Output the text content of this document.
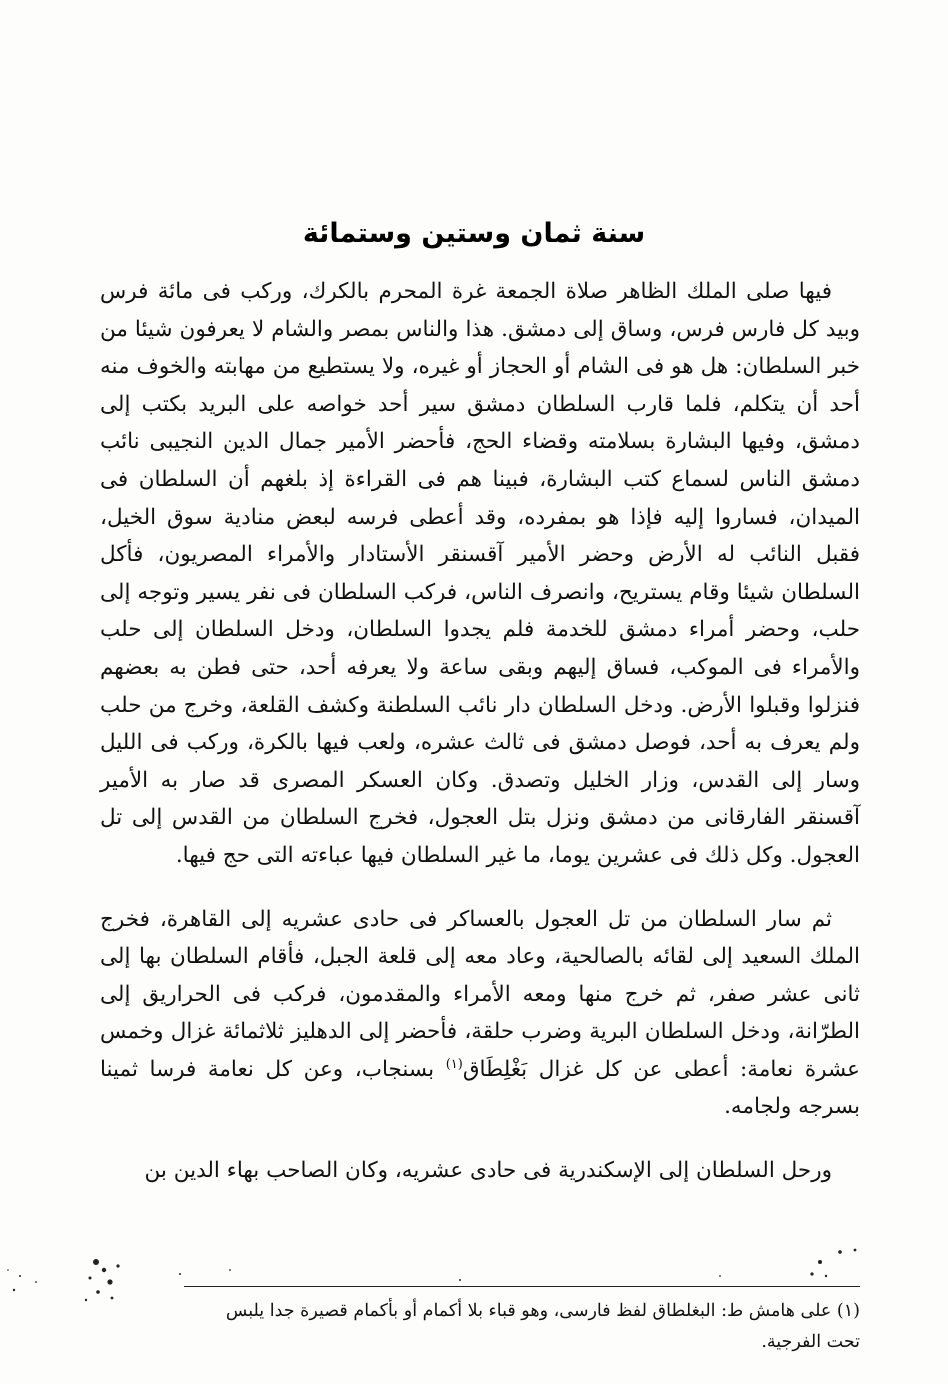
سنة ثمان وستين وستمائة

فيها صلى الملك الظاهر صلاة الجمعة غرة المحرم بالكرك، وركب فى مائة فرس وبيد كل فارس فرس، وساق إلى دمشق. هذا والناس بمصر والشام لا يعرفون شيئا من خبر السلطان: هل هو فى الشام أو الحجاز أو غيره، ولا يستطيع من مهابته والخوف منه أحد أن يتكلم، فلما قارب السلطان دمشق سير أحد خواصه على البريد بكتب إلى دمشق، وفيها البشارة بسلامته وقضاء الحج، فأحضر الأمير جمال الدين النجيبى نائب دمشق الناس لسماع كتب البشارة، فبينا هم فى القراءة إذ بلغهم أن السلطان فى الميدان، فساروا إليه فإذا هو بمفرده، وقد أعطى فرسه لبعض منادية سوق الخيل، فقبل النائب له الأرض وحضر الأمير آقسنقر الأستادار والأمراء المصريون، فأكل السلطان شيئا وقام يستريح، وانصرف الناس، فركب السلطان فى نفر يسير وتوجه إلى حلب، وحضر أمراء دمشق للخدمة فلم يجدوا السلطان، ودخل السلطان إلى حلب والأمراء فى الموكب، فساق إليهم وبقى ساعة ولا يعرفه أحد، حتى فطن به بعضهم فنزلوا وقبلوا الأرض. ودخل السلطان دار نائب السلطنة وكشف القلعة، وخرج من حلب ولم يعرف به أحد، فوصل دمشق فى ثالث عشره، ولعب فيها بالكرة، وركب فى الليل وسار إلى القدس، وزار الخليل وتصدق. وكان العسكر المصرى قد صار به الأمير آقسنقر الفارقانى من دمشق ونزل بتل العجول، فخرج السلطان من القدس إلى تل العجول. وكل ذلك فى عشرين يوما، ما غير السلطان فيها عباءته التى حج فيها.

ثم سار السلطان من تل العجول بالعساكر فى حادى عشريه إلى القاهرة، فخرج الملك السعيد إلى لقائه بالصالحية، وعاد معه إلى قلعة الجبل، فأقام السلطان بها إلى ثانى عشر صفر، ثم خرج منها ومعه الأمراء والمقدمون، فركب فى الحراريق إلى الطرّانة، ودخل السلطان البرية وضرب حلقة، فأحضر إلى الدهليز ثلاثمائة غزال وخمس عشرة نعامة: أعطى عن كل غزال بَغْلِطَاق$^{(١)}$ بسنجاب، وعن كل نعامة فرسا ثمينا بسرجه ولجامه.

ورحل السلطان إلى الإسكندرية فى حادى عشريه، وكان الصاحب بهاء الدين بن

(١) على هامش ط: البغلطاق لفظ فارسى، وهو قباء بلا أكمام أو بأكمام قصيرة جدا يلبس

تحت الفرجية.
